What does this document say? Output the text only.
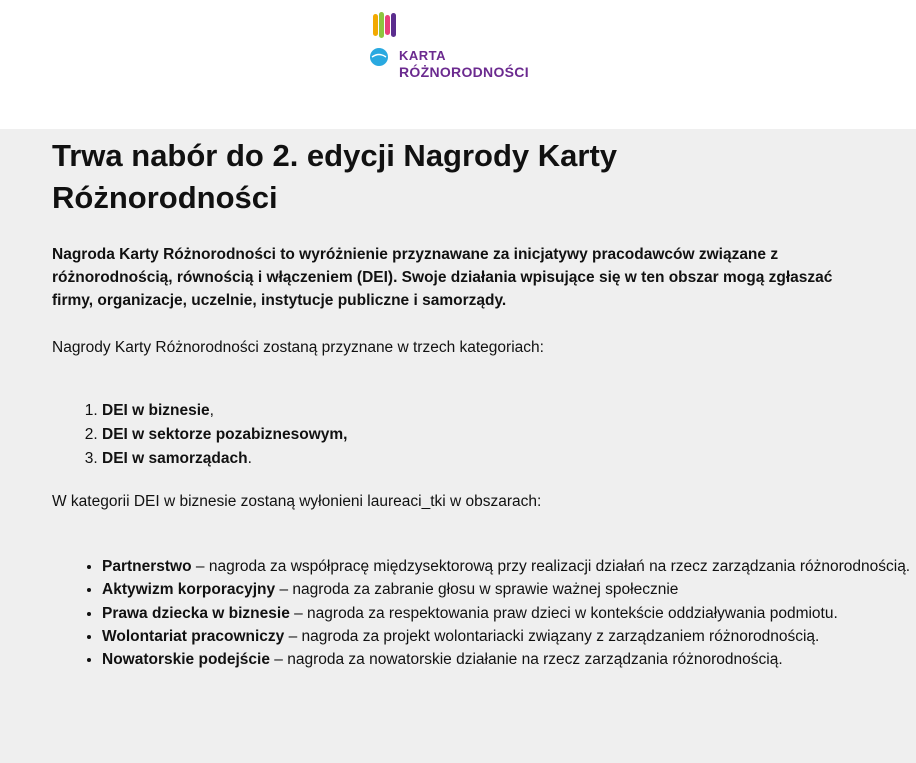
KARTA
RÓŻNORODNOŚCI
Trwa nabór do 2. edycji Nagrody Karty Różnorodności

Nagroda Karty Różnorodności to wyróżnienie przyznawane za inicjatywy pracodawców związane z różnorodnością, równością i włączeniem (DEI). Swoje działania wpisujące się w ten obszar mogą zgłaszać firmy, organizacje, uczelnie, instytucje publiczne i samorządy.

Nagrody Karty Różnorodności zostaną przyznane w trzech kategoriach:

1. DEI w biznesie,
2. DEI w sektorze pozabiznesowym,
3. DEI w samorządach.

W kategorii DEI w biznesie zostaną wyłonieni laureaci_tki w obszarach:

• Partnerstwo – nagroda za współpracę międzysektorową przy realizacji działań na rzecz zarządzania różnorodnością.
• Aktywizm korporacyjny – nagroda za zabranie głosu w sprawie ważnej społecznie
• Prawa dziecka w biznesie – nagroda za respektowania praw dzieci w kontekście oddziaływania podmiotu.
• Wolontariat pracowniczy – nagroda za projekt wolontariacki związany z zarządzaniem różnorodnością.
• Nowatorskie podejście – nagroda za nowatorskie działanie na rzecz zarządzania różnorodnością.
